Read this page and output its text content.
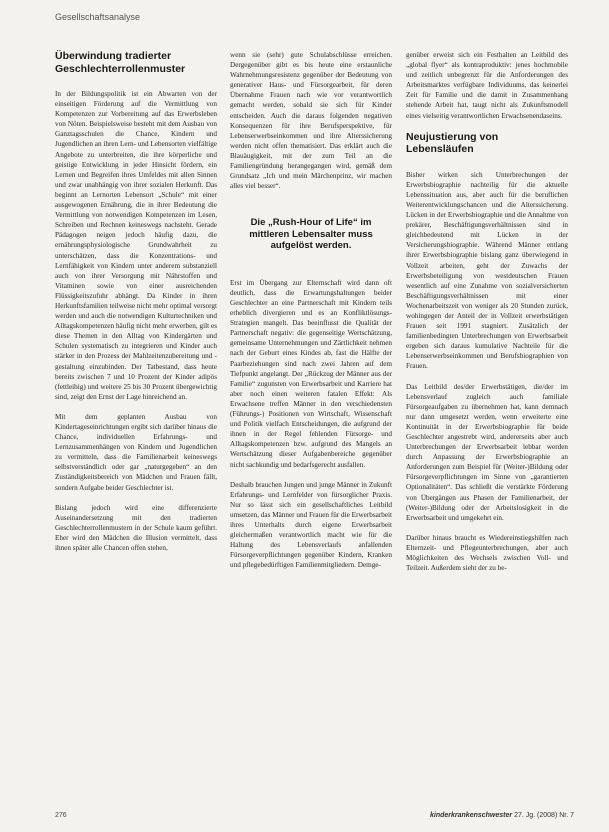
Gesellschaftsanalyse
Überwindung tradierter Geschlechterrollenmuster

In der Bildungspolitik ist ein Abwarten von der einseitigen Förderung auf die Vermittlung von Kompetenzen zur Vorbereitung auf das Erwerbsleben von Nöten. Beispielsweise besteht mit dem Ausbau von Ganztagsschulen die Chance, Kindern und Jugendlichen an ihren Lern- und Lebensorten vielfältige Angebote zu unterbreiten, die ihre körperliche und geistige Entwicklung in jeder Hinsicht fördern, ein Lernen und Begreifen ihres Umfeldes mit allen Sinnen und zwar unabhängig von ihrer sozialen Herkunft. Das beginnt an Lernorten Lebensort „Schule“ mit einer ausgewogenen Ernährung, die in ihrer Bedeutung die Vermittlung von notwendigen Kompetenzen im Lesen, Schreiben und Rechnen keineswegs nachsteht. Gerade Pädagogen neigen jedoch häufig dazu, die ernährungsphysiologische Grundwahrheit zu unterschätzen, dass die Konzentrations- und Lernfähigkeit von Kindern unter anderem substanziell auch von ihrer Versorgung mit Nährstoffen und Vitaminen sowie von einer ausreichenden Flüssigkeitszufuhr abhängt. Da Kinder in ihren Herkunftsfamilien teilweise nicht mehr optimal versorgt werden und auch die notwendigen Kulturtechniken und Alltagskompetenzen häufig nicht mehr erwerben, gilt es diese Themen in den Alltag von Kindergärten und Schulen systematisch zu integrieren und Kinder auch stärker in den Prozess der Mahlzeitenzubereitung und -gestaltung einzubinden. Der Tatbestand, dass heute bereits zwischen 7 und 10 Prozent der Kinder adipös (fettleibig) und weitere 25 bis 30 Prozent übergewichtig sind, zeigt den Ernst der Lage hinreichend an.

Mit dem geplanten Ausbau von Kindertageseinrichtungen ergibt sich darüber hinaus die Chance, individuellen Erfahrungs- und Lernzusammenhängen von Kindern und Jugendlichen zu vermitteln, dass die Familienarbeit keineswegs selbstverständlich oder gar „naturgegeben“ an den Zuständigkeitsbereich von Mädchen und Frauen fällt, sondern Aufgabe beider Geschlechter ist.

Bislang jedoch wird eine differenzierte Auseinandersetzung mit den tradierten Geschlechterrollenmustern in der Schule kaum geführt. Eher wird den Mädchen die Illusion vermittelt, dass ihnen später alle Chancen offen stehen,

wenn sie (sehr) gute Schulabschlüsse erreichen. Dergegenüber gibt es bis heute eine erstaunliche Wahrnehmungsresistenz gegenüber der Bedeutung von generativer Haus- und Fürsorgearbeit, für deren Übernahme Frauen nach wie vor verantwortlich gemacht werden, sobald sie sich für Kinder entscheiden. Auch die daraus folgenden negativen Konsequenzen für ihre Berufsperspektive, für Lebenserwerbseinkommen und ihre Alterssicherung werden nicht offen thematisiert. Das erklärt auch die Blauäugigkeit, mit der zum Teil an die Familiengründung herangegangen wird, gemäß dem Grundsatz „Ich und mein Märchenprinz, wir machen alles viel besser“.

Die „Rush-Hour of Life“ im mittleren Lebensalter muss aufgelöst werden.

Erst im Übergang zur Elternschaft wird dann oft deutlich, dass die Erwartungshaltungen beider Geschlechter an eine Partnerschaft mit Kindern teils erheblich divergieren und es an Konfliktlösungs-Strategien mangelt. Das beeinflusst die Qualität der Partnerschaft negativ: die gegenseitige Wertschätzung, gemeinsame Unternehmungen und Zärtlichkeit nehmen nach der Geburt eines Kindes ab, fast die Hälfte der Paarbeziehungen sind nach zwei Jahren auf dem Tiefpunkt angelangt. Der „Rückzug der Männer aus der Familie“ zugunsten von Erwerbsarbeit und Karriere hat aber noch einen weiteren fatalen Effekt: Als Erwachsene treffen Männer in den verschiedensten (Führungs-) Positionen von Wirtschaft, Wissenschaft und Politik vielfach Entscheidungen, die aufgrund der ihnen in der Regel fehlenden Fürsorge- und Alltagskompetenzen bzw. aufgrund des Mangels an Wertschätzung dieser Aufgabenbereiche gegenüber nicht sachkundig und bedarfsgerecht ausfallen.

Deshalb brauchen Jungen und junge Männer in Zukunft Erfahrungs- und Lernfelder von fürsorglicher Praxis. Nur so lässt sich ein gesellschaftliches Leitbild umsetzen, das Männer und Frauen für die Erwerbsarbeit ihres Unterhalts durch eigene Erwerbsarbeit gleichermaßen verantwortlich macht wie für die Haltung des Lebensverlaufs anfallenden Fürsorgeverpflichtungen gegenüber Kindern, Kranken und pflegebedürftigen Familienmitgliedern. Demge-

genüber erweist sich ein Festhalten an Leitbild des „global flyer“ als kontraproduktiv: jenes hochmobile und zeitlich unbegrenzt für die Anforderungen des Arbeitsmarktes verfügbare Individuums, das keinerlei Zeit für Familie und die damit in Zusammenhang stehende Arbeit hat, taugt nicht als Zukunftsmodell eines vielseitig verantwortlichen Erwachsenendaseins.

Neujustierung von Lebensläufen

Bisher wirken sich Unterbrechungen der Erwerbsbiographie nachteilig für die aktuelle Lebenssituation aus, aber auch für die beruflichen Weiterentwicklungschancen und die Alterssicherung. Lücken in der Erwerbsbiographie und die Annahme von prekärer, Beschäftigungsverhältnissen sind in gleichbedeutend mit Lücken in der Versicherungsbiographie. Während Männer entlang ihrer Erwerbsbiographie bislang ganz überwiegend in Vollzeit arbeiten, geht der Zuwachs der Erwerbsbeteiligung von westdeutschen Frauen wesentlich auf eine Zunahme von sozialversicherten Beschäftigungsverhältnissen mit einer Wochenarbeitszeit von weniger als 20 Stunden zurück, wohingegen der Anteil der in Vollzeit erwerbstätigen Frauen seit 1991 stagniert. Zusätzlich der familienbedingten Unterbrechungen von Erwerbsarbeit ergeben sich daraus kumulative Nachteile für die Lebenserwerbseinkommen und Berufsbiographien von Frauen.

Das Leitbild des/der Erwerbstätigen, die/der im Lebensverlauf zugleich auch familiale Fürsorgeaufgaben zu übernehmen hat, kann demnach nur dann umgesetzt werden, wenn erweiterte eine Kontinuität in der Erwerbsbiographie für beide Geschlechter angestrebt wird, andererseits aber auch Unterbrechungen der Erwerbsarbeit lebbar werden durch Anpassung der Erwerbsbiographie an Anforderungen zum Beispiel für (Weiter-)Bildung oder Fürsorgeverpflichtungen im Sinne von „garantierten Optionalitäten“. Das schließt die verstärkte Förderung von Übergängen aus Phasen der Familienarbeit, der (Weiter-)Bildung oder der Arbeitslosigkeit in die Erwerbsarbeit und umgekehrt ein.

Darüber hinaus braucht es Wiedereinstiegshilfen nach Elternzeit- und Pflegeunterbrechungen, aber auch Möglichkeiten des Wechsels zwischen Voll- und Teilzeit. Außerdem sieht der zu be-

276	kinderkrankenschwester 27. Jg. (2008) Nr. 7
